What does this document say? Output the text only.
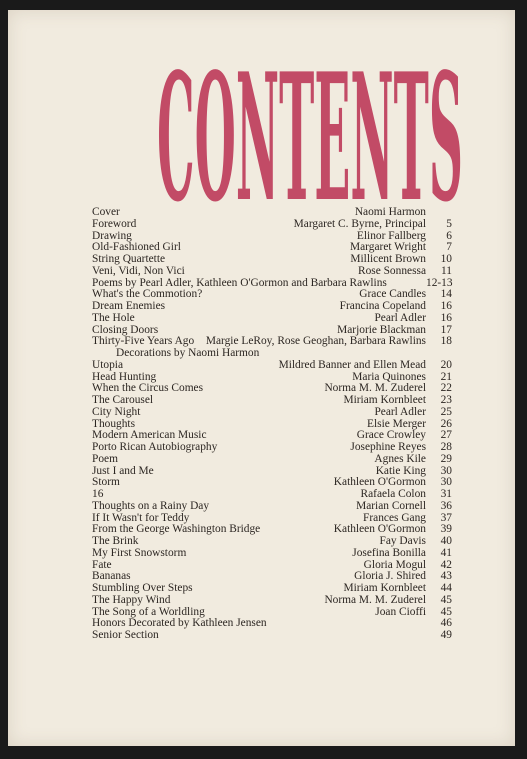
CONTENTS
Cover	Naomi Harmon
Foreword	Margaret C. Byrne, Principal	5
Drawing	Elinor Fallberg	6
Old-Fashioned Girl	Margaret Wright	7
String Quartette	Millicent Brown	10
Veni, Vidi, Non Vici	Rose Sonnessa	11
Poems by Pearl Adler, Kathleen O'Gormon and Barbara Rawlins	12-13
What's the Commotion?	Grace Candles	14
Dream Enemies	Francina Copeland	16
The Hole	Pearl Adler	16
Closing Doors	Marjorie Blackman	17
Thirty-Five Years Ago Margie LeRoy, Rose Geoghan, Barbara Rawlins	18
Decorations by Naomi Harmon
Utopia	Mildred Banner and Ellen Mead	20
Head Hunting	Maria Quinones	21
When the Circus Comes	Norma M. M. Zuderel	22
The Carousel	Miriam Kornbleet	23
City Night	Pearl Adler	25
Thoughts	Elsie Merger	26
Modern American Music	Grace Crowley	27
Porto Rican Autobiography	Josephine Reyes	28
Poem	Agnes Kile	29
Just I and Me	Katie King	30
Storm	Kathleen O'Gormon	30
16	Rafaela Colon	31
Thoughts on a Rainy Day	Marian Cornell	36
If It Wasn't for Teddy	Frances Gang	37
From the George Washington Bridge	Kathleen O'Gormon	39
The Brink	Fay Davis	40
My First Snowstorm	Josefina Bonilla	41
Fate	Gloria Mogul	42
Bananas	Gloria J. Shired	43
Stumbling Over Steps	Miriam Kornbleet	44
The Happy Wind	Norma M. M. Zuderel	45
The Song of a Worldling	Joan Cioffi	45
Honors Decorated by Kathleen Jensen	46
Senior Section	49
